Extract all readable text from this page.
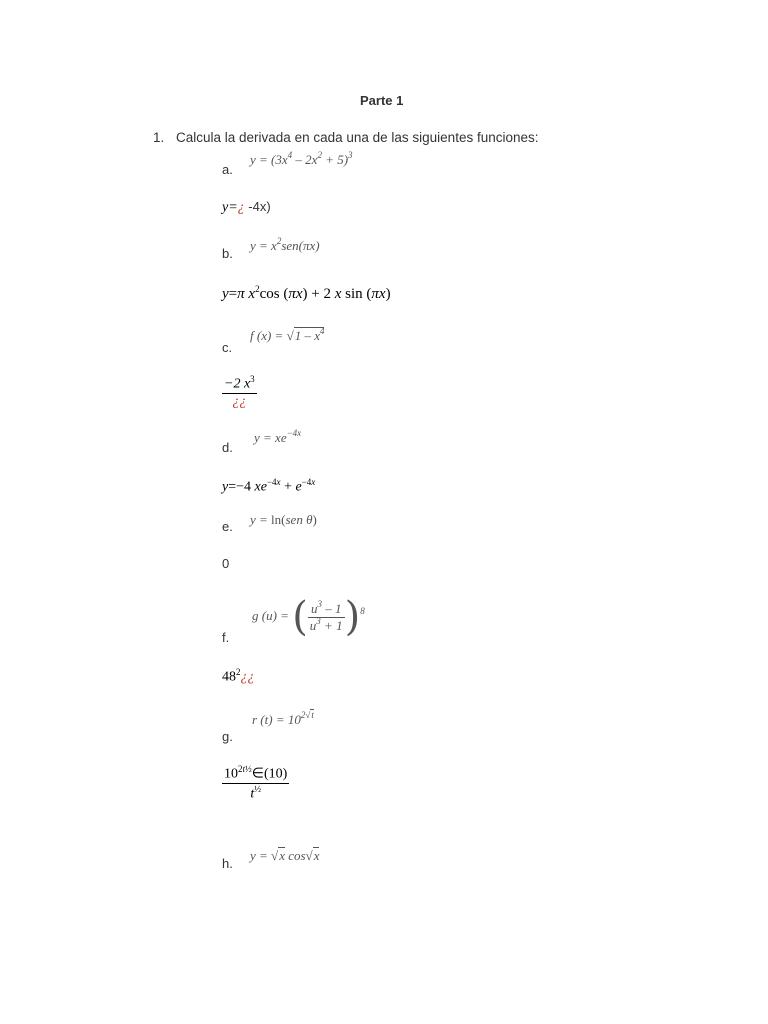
Parte 1
1. Calcula la derivada en cada una de las siguientes funciones:
a.
$y = (3x^4 - 2x^2 + 5)^3$
y=¿ -4x)
b.
$y = x^2sen(\pi x)$
y=π $x^2\cos$ (πx) + 2 x sin (πx)
c.
f $(x) = √1 - x^4$
$\frac{-2 x^3}{¿¿}$
d.
$y = xe^{-4x}$
y=−4 $xe^{-4x} + e^{-4x}$
e. y = ln(sen θ)
0
f.
g (u) = ( $\frac{u^3 - 1}{u^3 + 1} )^8$
$48^2¿¿$
g.
r $(t) = 10^{2√t}$
$\frac{10^{2t\frac{1}{2}}\in(10)}{t^{\frac{1}{2}}}$
h.
y = √x cos√x
